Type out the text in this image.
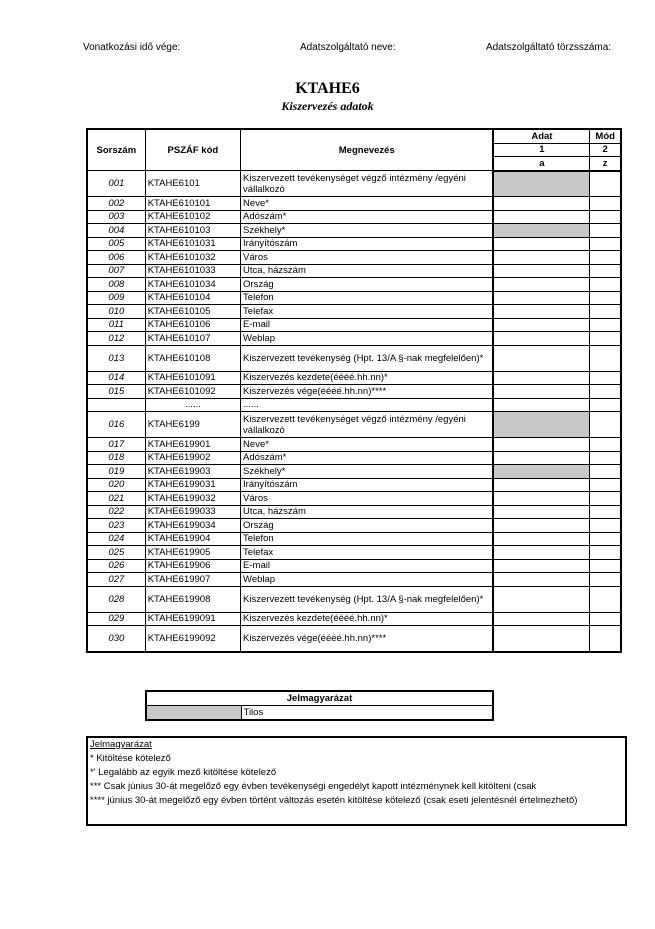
Vonatkozási idő vége:	Adatszolgáltató neve:	Adatszolgáltató törzsszáma:
KTAHE6
Kiszervezés adatok
Sorszám	PSZÁF kód	Megnevezés	Adat	Mód
			1	2
			a	z
001	KTAHE6101	Kiszervezett tevékenységet végző intézmény /egyéni vállalkozó		
002	KTAHE610101	Neve*		
003	KTAHE610102	Adószám*		
004	KTAHE610103	Székhely*		
005	KTAHE6101031	Irányítószám		
006	KTAHE6101032	Város		
007	KTAHE6101033	Utca, házszám		
008	KTAHE6101034	Ország		
009	KTAHE610104	Telefon		
010	KTAHE610105	Telefax		
011	KTAHE610106	E-mail		
012	KTAHE610107	Weblap		
013	KTAHE610108	Kiszervezett tevékenység (Hpt. 13/A §-nak megfelelően)*		
014	KTAHE6101091	Kiszervezés kezdete(éééé.hh.nn)*		
015	KTAHE6101092	Kiszervezés vége(éééé.hh.nn)****		
	......	......		
016	KTAHE6199	Kiszervezett tevékenységet végző intézmény /egyéni vállalkozó		
017	KTAHE619901	Neve*		
018	KTAHE619902	Adószám*		
019	KTAHE619903	Székhely*		
020	KTAHE6199031	Irányítószám		
021	KTAHE6199032	Város		
022	KTAHE6199033	Utca, házszám		
023	KTAHE6199034	Ország		
024	KTAHE619904	Telefon		
025	KTAHE619905	Telefax		
026	KTAHE619906	E-mail		
027	KTAHE619907	Weblap		
028	KTAHE619908	Kiszervezett tevékenység (Hpt. 13/A §-nak megfelelően)*		
029	KTAHE6199091	Kiszervezés kezdete(éééé.hh.nn)*		
030	KTAHE6199092	Kiszervezés vége(éééé.hh.nn)****		
Jelmagyarázat
	Tilos
Jelmagyarázat
* Kitöltése kötelező
*' Legalább az egyik mező kitöltése kötelező
*** Csak június 30-át megelőző egy évben tevékenységi engedélyt kapott intézménynek kell kitölteni (csak
**** június 30-át megelőző egy évben történt változás esetén kitöltése kötelező (csak eseti jelentésnél értelmezhető)
